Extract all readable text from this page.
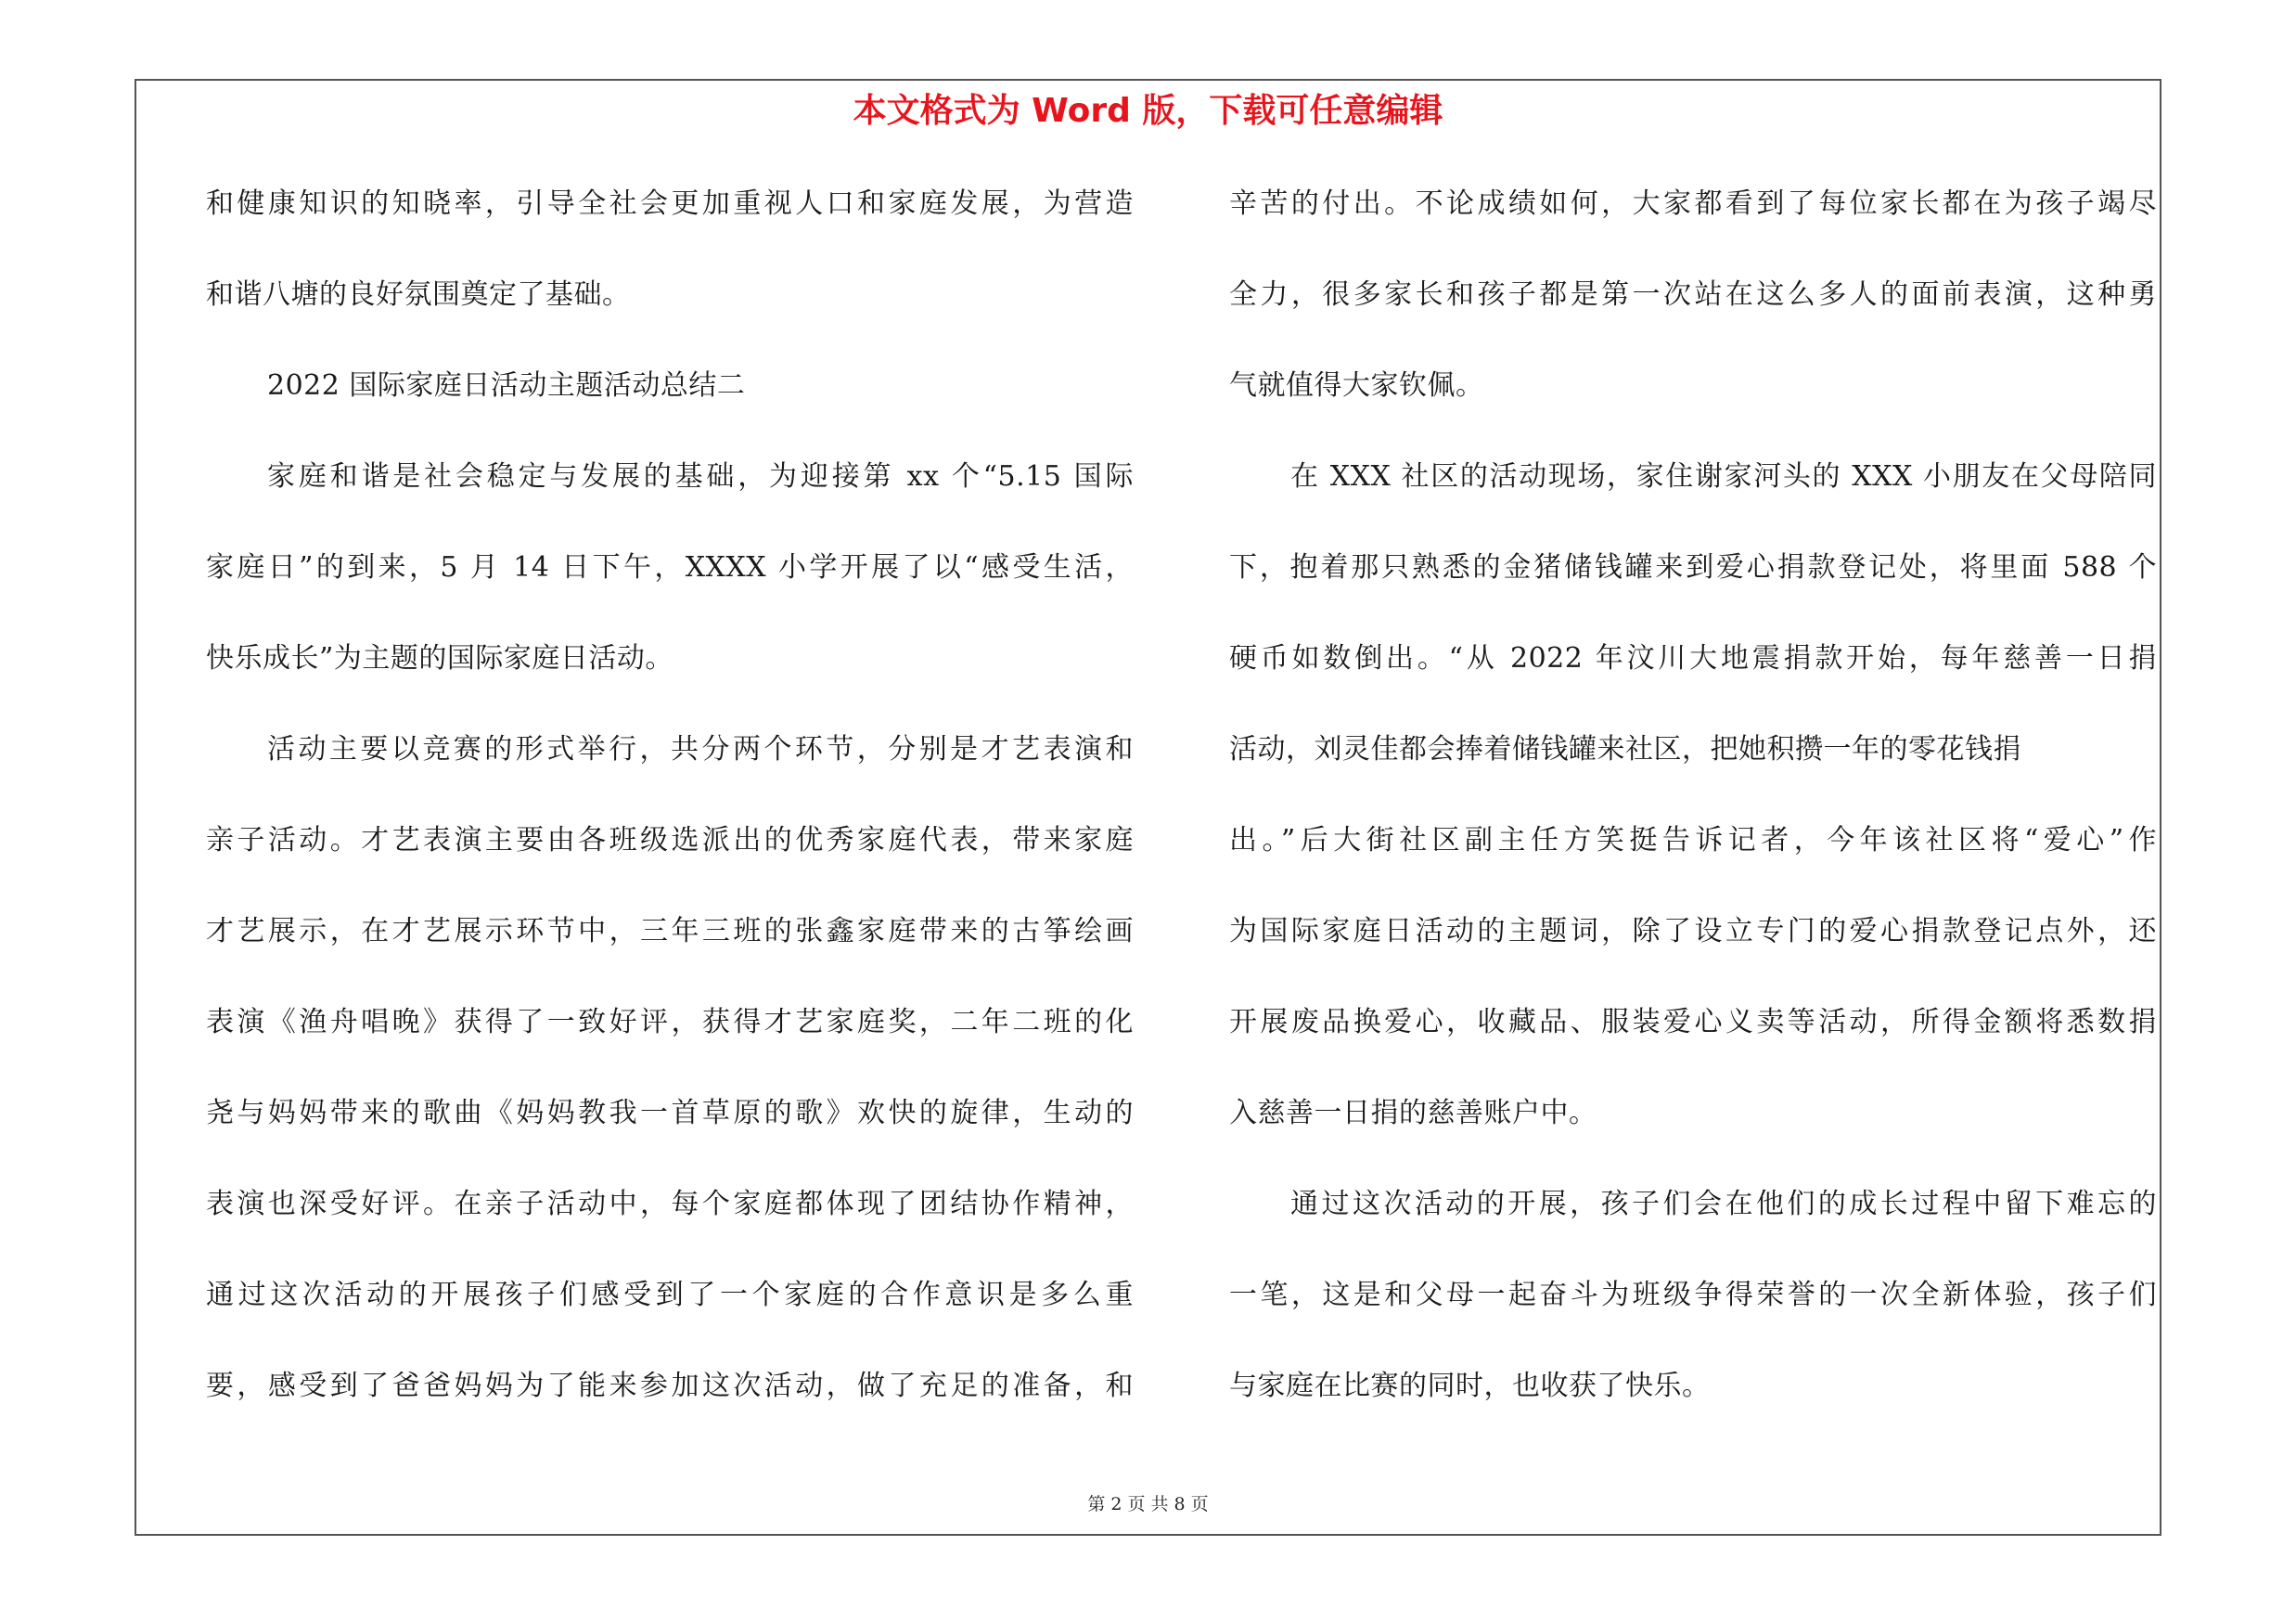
本文格式为 Word 版，下载可任意编辑
和健康知识的知晓率，引导全社会更加重视人口和家庭发展，为营造
和谐八塘的良好氛围奠定了基础。
2022 国际家庭日活动主题活动总结二
家庭和谐是社会稳定与发展的基础，为迎接第 xx 个“5.15 国际
家庭日”的到来，5 月 14 日下午，XXXX 小学开展了以“感受生活，
快乐成长”为主题的国际家庭日活动。
活动主要以竞赛的形式举行，共分两个环节，分别是才艺表演和
亲子活动。才艺表演主要由各班级选派出的优秀家庭代表，带来家庭
才艺展示，在才艺展示环节中，三年三班的张鑫家庭带来的古筝绘画
表演《渔舟唱晚》获得了一致好评，获得才艺家庭奖，二年二班的化
尧与妈妈带来的歌曲《妈妈教我一首草原的歌》欢快的旋律，生动的
表演也深受好评。在亲子活动中，每个家庭都体现了团结协作精神，
通过这次活动的开展孩子们感受到了一个家庭的合作意识是多么重
要，感受到了爸爸妈妈为了能来参加这次活动，做了充足的准备，和
辛苦的付出。不论成绩如何，大家都看到了每位家长都在为孩子竭尽
全力，很多家长和孩子都是第一次站在这么多人的面前表演，这种勇
气就值得大家钦佩。
在 XXX 社区的活动现场，家住谢家河头的 XXX 小朋友在父母陪同
下，抱着那只熟悉的金猪储钱罐来到爱心捐款登记处，将里面 588 个
硬币如数倒出。“从 2022 年汶川大地震捐款开始，每年慈善一日捐
活动，刘灵佳都会捧着储钱罐来社区，把她积攒一年的零花钱捐
出。”后大街社区副主任方笑挺告诉记者，今年该社区将“爱心”作
为国际家庭日活动的主题词，除了设立专门的爱心捐款登记点外，还
开展废品换爱心，收藏品、服装爱心义卖等活动，所得金额将悉数捐
入慈善一日捐的慈善账户中。
通过这次活动的开展，孩子们会在他们的成长过程中留下难忘的
一笔，这是和父母一起奋斗为班级争得荣誉的一次全新体验，孩子们
与家庭在比赛的同时，也收获了快乐。
第 2 页 共 8 页
